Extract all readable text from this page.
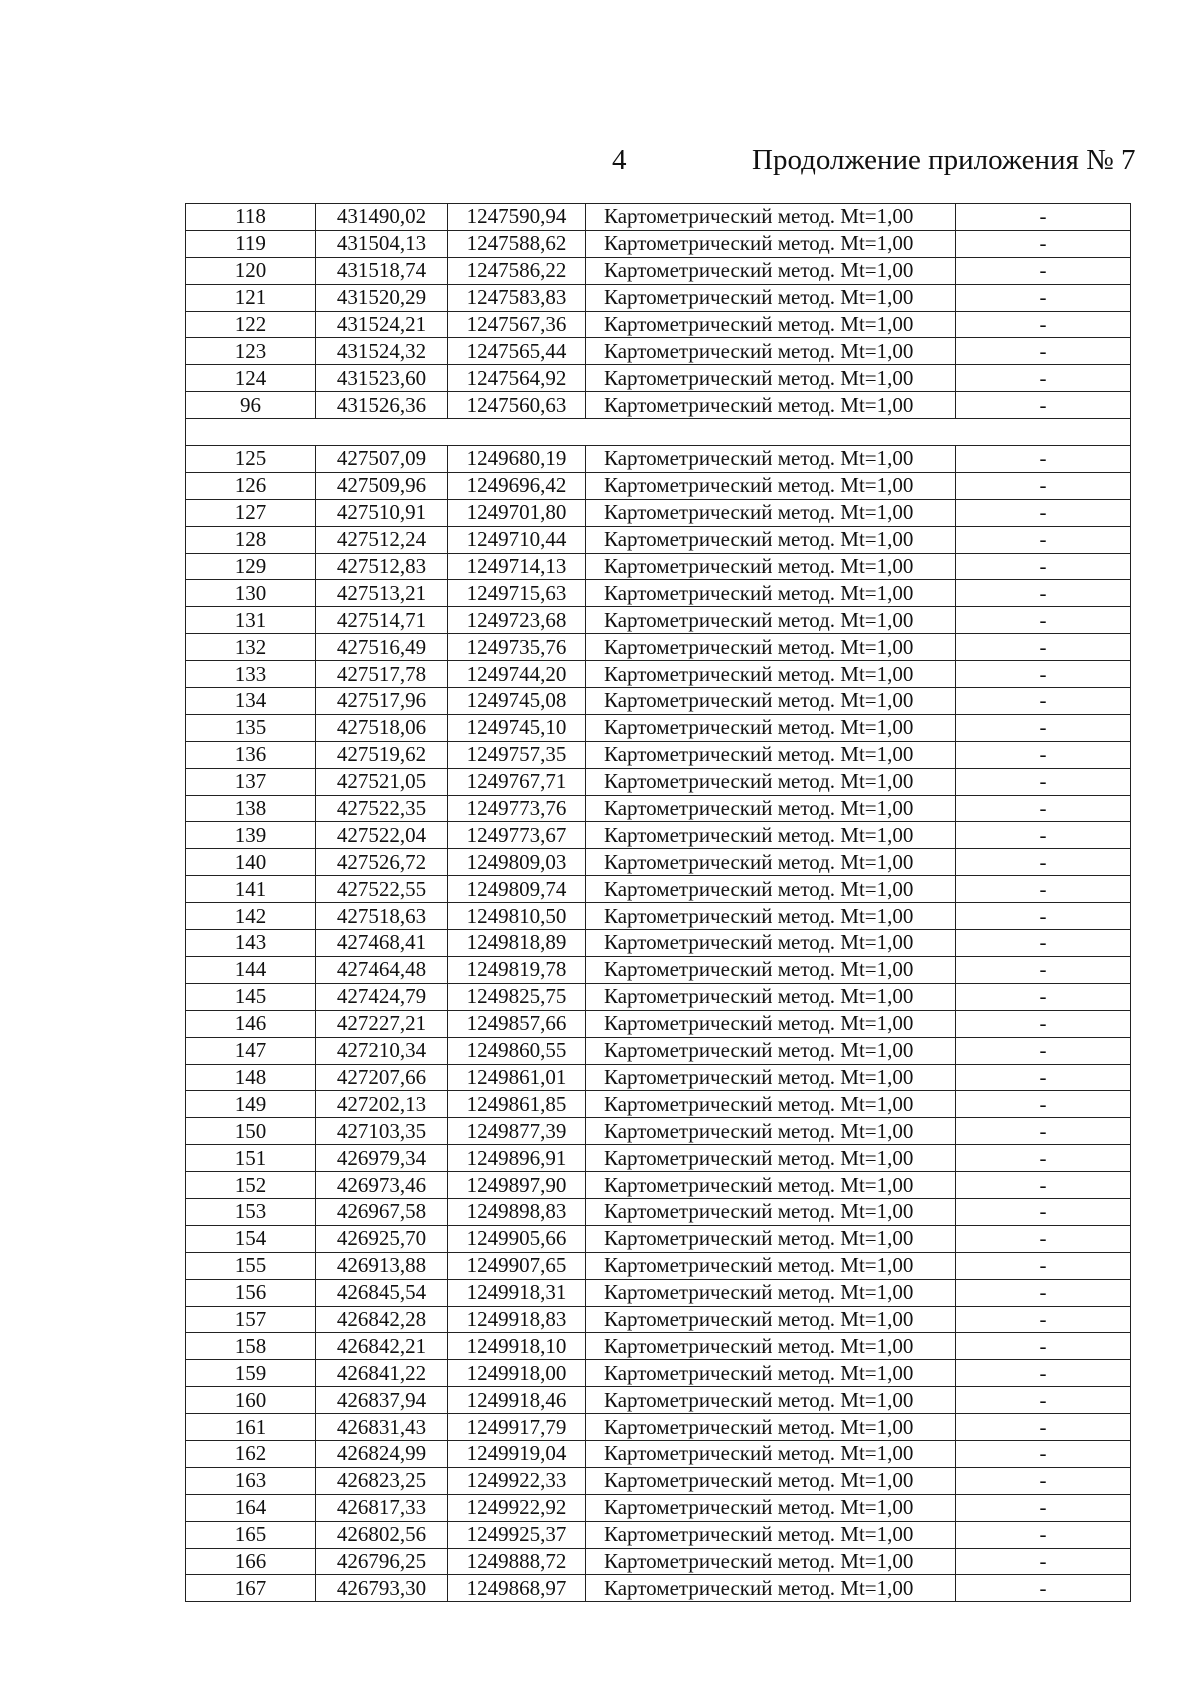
4	Продолжение приложения № 7
118	431490,02	1247590,94	Картометрический метод. Mt=1,00	-
119	431504,13	1247588,62	Картометрический метод. Mt=1,00	-
120	431518,74	1247586,22	Картометрический метод. Mt=1,00	-
121	431520,29	1247583,83	Картометрический метод. Mt=1,00	-
122	431524,21	1247567,36	Картометрический метод. Mt=1,00	-
123	431524,32	1247565,44	Картометрический метод. Mt=1,00	-
124	431523,60	1247564,92	Картометрический метод. Mt=1,00	-
96	431526,36	1247560,63	Картометрический метод. Mt=1,00	-

125	427507,09	1249680,19	Картометрический метод. Mt=1,00	-
126	427509,96	1249696,42	Картометрический метод. Mt=1,00	-
127	427510,91	1249701,80	Картометрический метод. Mt=1,00	-
128	427512,24	1249710,44	Картометрический метод. Mt=1,00	-
129	427512,83	1249714,13	Картометрический метод. Mt=1,00	-
130	427513,21	1249715,63	Картометрический метод. Mt=1,00	-
131	427514,71	1249723,68	Картометрический метод. Mt=1,00	-
132	427516,49	1249735,76	Картометрический метод. Mt=1,00	-
133	427517,78	1249744,20	Картометрический метод. Mt=1,00	-
134	427517,96	1249745,08	Картометрический метод. Mt=1,00	-
135	427518,06	1249745,10	Картометрический метод. Mt=1,00	-
136	427519,62	1249757,35	Картометрический метод. Mt=1,00	-
137	427521,05	1249767,71	Картометрический метод. Mt=1,00	-
138	427522,35	1249773,76	Картометрический метод. Mt=1,00	-
139	427522,04	1249773,67	Картометрический метод. Mt=1,00	-
140	427526,72	1249809,03	Картометрический метод. Mt=1,00	-
141	427522,55	1249809,74	Картометрический метод. Mt=1,00	-
142	427518,63	1249810,50	Картометрический метод. Mt=1,00	-
143	427468,41	1249818,89	Картометрический метод. Mt=1,00	-
144	427464,48	1249819,78	Картометрический метод. Mt=1,00	-
145	427424,79	1249825,75	Картометрический метод. Mt=1,00	-
146	427227,21	1249857,66	Картометрический метод. Mt=1,00	-
147	427210,34	1249860,55	Картометрический метод. Mt=1,00	-
148	427207,66	1249861,01	Картометрический метод. Mt=1,00	-
149	427202,13	1249861,85	Картометрический метод. Mt=1,00	-
150	427103,35	1249877,39	Картометрический метод. Mt=1,00	-
151	426979,34	1249896,91	Картометрический метод. Mt=1,00	-
152	426973,46	1249897,90	Картометрический метод. Mt=1,00	-
153	426967,58	1249898,83	Картометрический метод. Mt=1,00	-
154	426925,70	1249905,66	Картометрический метод. Mt=1,00	-
155	426913,88	1249907,65	Картометрический метод. Mt=1,00	-
156	426845,54	1249918,31	Картометрический метод. Mt=1,00	-
157	426842,28	1249918,83	Картометрический метод. Mt=1,00	-
158	426842,21	1249918,10	Картометрический метод. Mt=1,00	-
159	426841,22	1249918,00	Картометрический метод. Mt=1,00	-
160	426837,94	1249918,46	Картометрический метод. Mt=1,00	-
161	426831,43	1249917,79	Картометрический метод. Mt=1,00	-
162	426824,99	1249919,04	Картометрический метод. Mt=1,00	-
163	426823,25	1249922,33	Картометрический метод. Mt=1,00	-
164	426817,33	1249922,92	Картометрический метод. Mt=1,00	-
165	426802,56	1249925,37	Картометрический метод. Mt=1,00	-
166	426796,25	1249888,72	Картометрический метод. Mt=1,00	-
167	426793,30	1249868,97	Картометрический метод. Mt=1,00	-
